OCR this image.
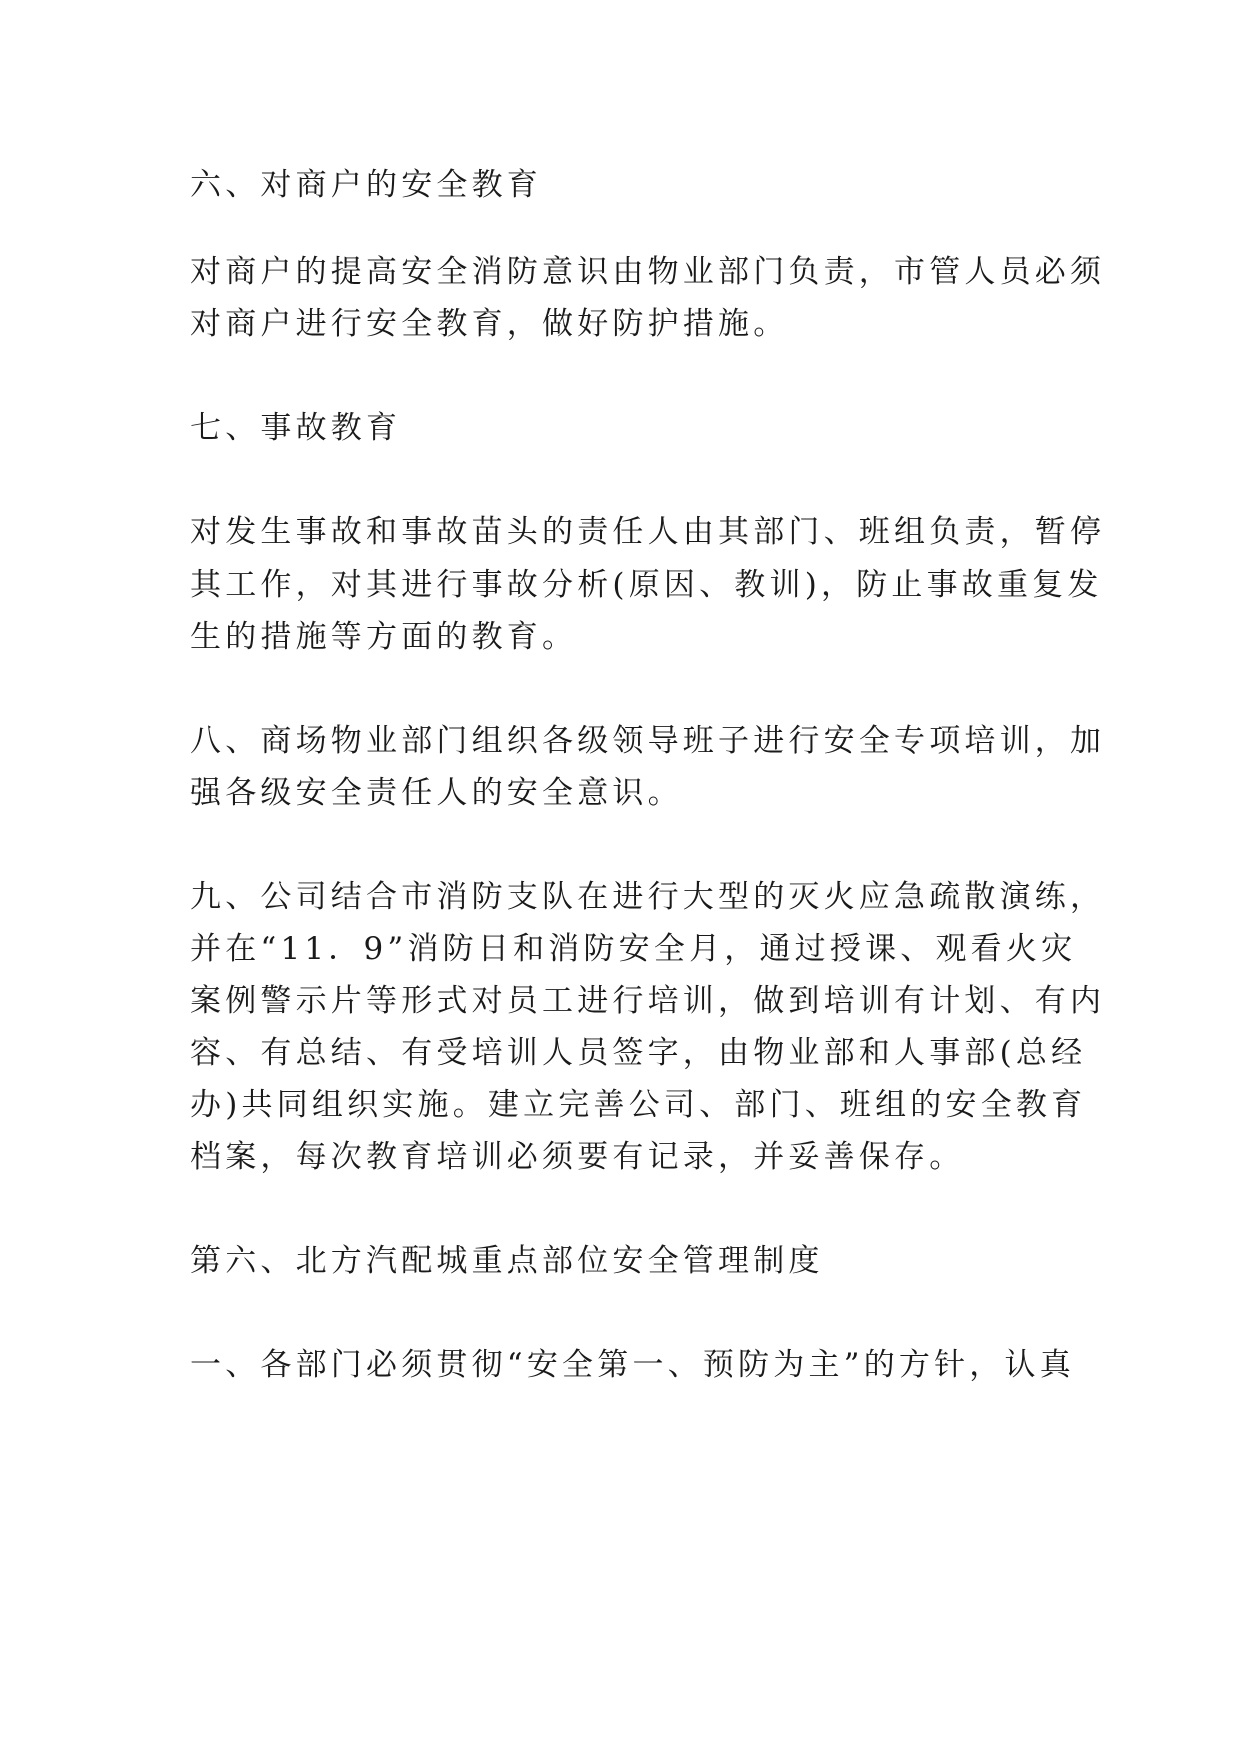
六、对商户的安全教育
对商户的提高安全消防意识由物业部门负责，市管人员必须
对商户进行安全教育，做好防护措施。
七、事故教育
对发生事故和事故苗头的责任人由其部门、班组负责，暂停
其工作，对其进行事故分析(原因、教训)，防止事故重复发
生的措施等方面的教育。
八、商场物业部门组织各级领导班子进行安全专项培训，加
强各级安全责任人的安全意识。
九、公司结合市消防支队在进行大型的灭火应急疏散演练，
并在“11．9”消防日和消防安全月，通过授课、观看火灾
案例警示片等形式对员工进行培训，做到培训有计划、有内
容、有总结、有受培训人员签字，由物业部和人事部(总经
办)共同组织实施。建立完善公司、部门、班组的安全教育
档案，每次教育培训必须要有记录，并妥善保存。
第六、北方汽配城重点部位安全管理制度
一、各部门必须贯彻“安全第一、预防为主”的方针，认真
